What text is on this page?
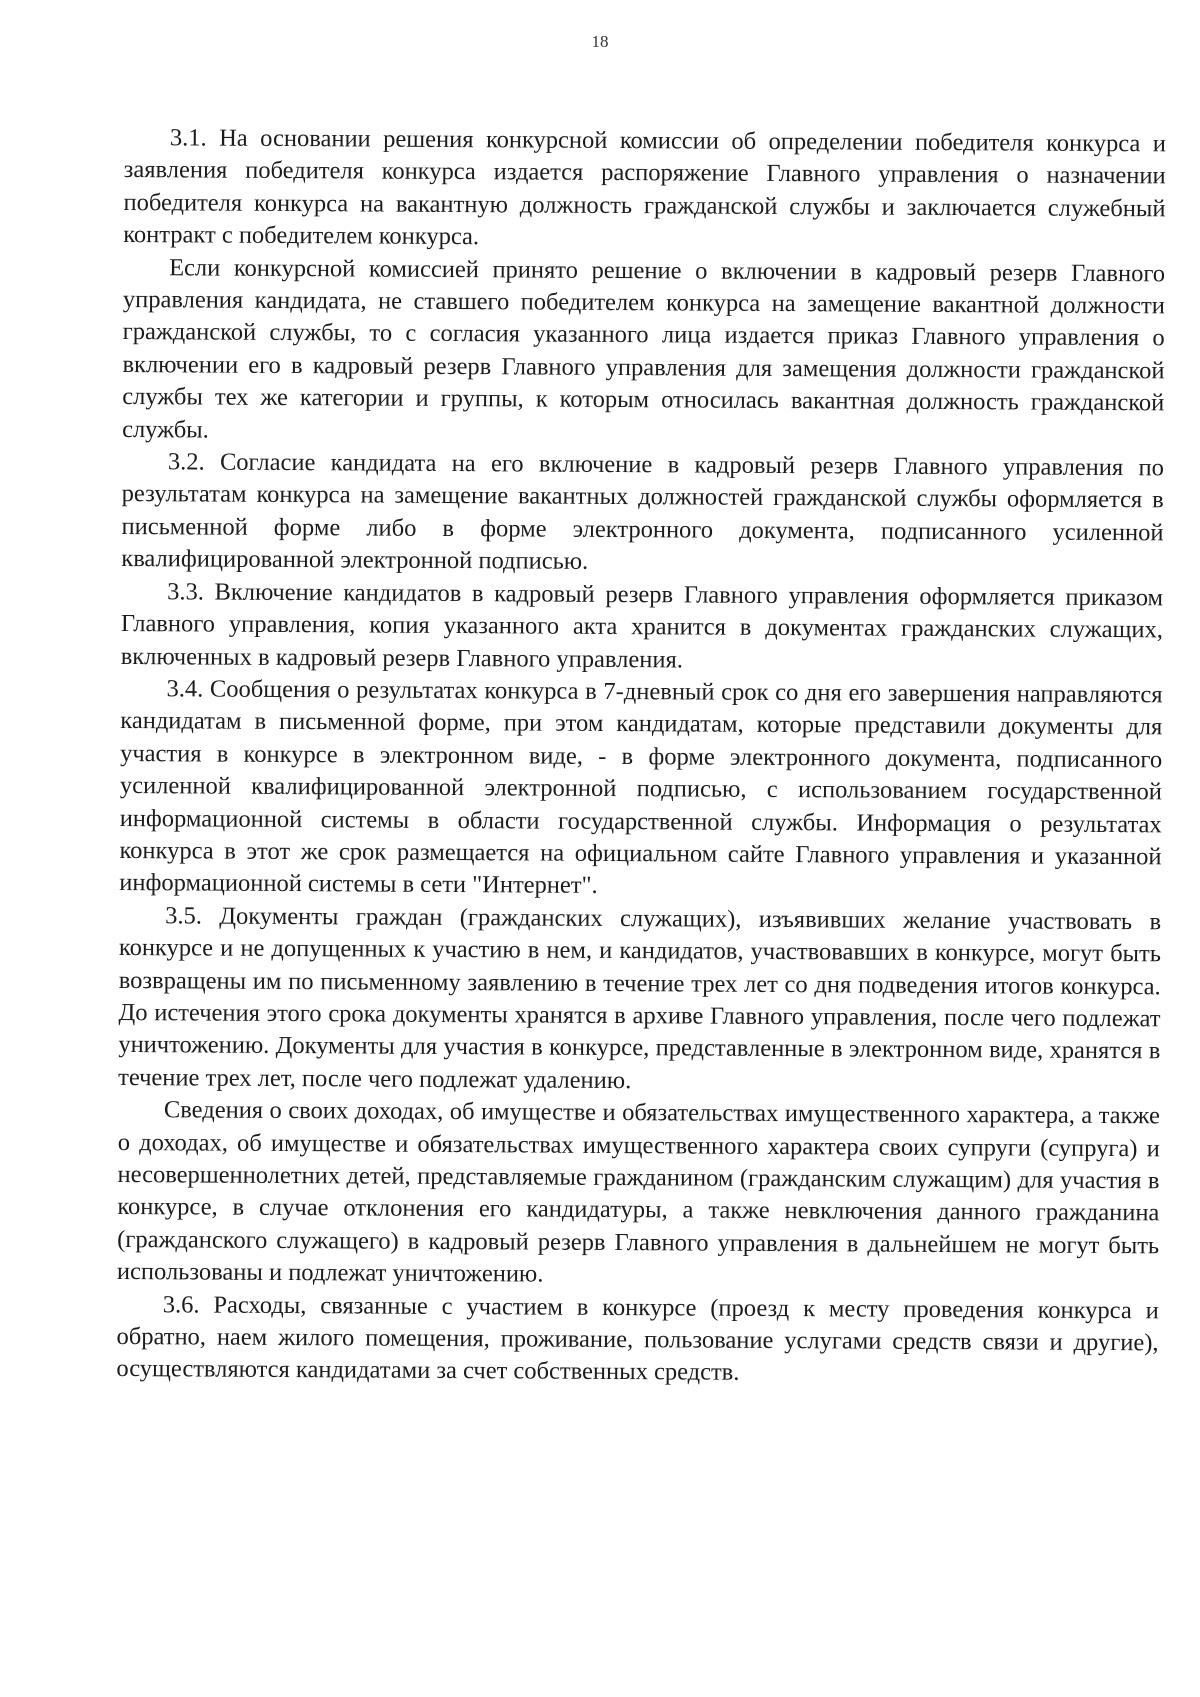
18

3.1. На основании решения конкурсной комиссии об определении победителя конкурса и заявления победителя конкурса издается распоряжение Главного управления о назначении победителя конкурса на вакантную должность гражданской службы и заключается служебный контракт с победителем конкурса.

Если конкурсной комиссией принято решение о включении в кадровый резерв Главного управления кандидата, не ставшего победителем конкурса на замещение вакантной должности гражданской службы, то с согласия указанного лица издается приказ Главного управления о включении его в кадровый резерв Главного управления для замещения должности гражданской службы тех же категории и группы, к которым относилась вакантная должность гражданской службы.

3.2. Согласие кандидата на его включение в кадровый резерв Главного управления по результатам конкурса на замещение вакантных должностей гражданской службы оформляется в письменной форме либо в форме электронного документа, подписанного усиленной квалифицированной электронной подписью.

3.3. Включение кандидатов в кадровый резерв Главного управления оформляется приказом Главного управления, копия указанного акта хранится в документах гражданских служащих, включенных в кадровый резерв Главного управления.

3.4. Сообщения о результатах конкурса в 7-дневный срок со дня его завершения направляются кандидатам в письменной форме, при этом кандидатам, которые представили документы для участия в конкурсе в электронном виде, - в форме электронного документа, подписанного усиленной квалифицированной электронной подписью, с использованием государственной информационной системы в области государственной службы. Информация о результатах конкурса в этот же срок размещается на официальном сайте Главного управления и указанной информационной системы в сети "Интернет".

3.5. Документы граждан (гражданских служащих), изъявивших желание участвовать в конкурсе и не допущенных к участию в нем, и кандидатов, участвовавших в конкурсе, могут быть возвращены им по письменному заявлению в течение трех лет со дня подведения итогов конкурса. До истечения этого срока документы хранятся в архиве Главного управления, после чего подлежат уничтожению. Документы для участия в конкурсе, представленные в электронном виде, хранятся в течение трех лет, после чего подлежат удалению.

Сведения о своих доходах, об имуществе и обязательствах имущественного характера, а также о доходах, об имуществе и обязательствах имущественного характера своих супруги (супруга) и несовершеннолетних детей, представляемые гражданином (гражданским служащим) для участия в конкурсе, в случае отклонения его кандидатуры, а также невключения данного гражданина (гражданского служащего) в кадровый резерв Главного управления в дальнейшем не могут быть использованы и подлежат уничтожению.

3.6. Расходы, связанные с участием в конкурсе (проезд к месту проведения конкурса и обратно, наем жилого помещения, проживание, пользование услугами средств связи и другие), осуществляются кандидатами за счет собственных средств.
